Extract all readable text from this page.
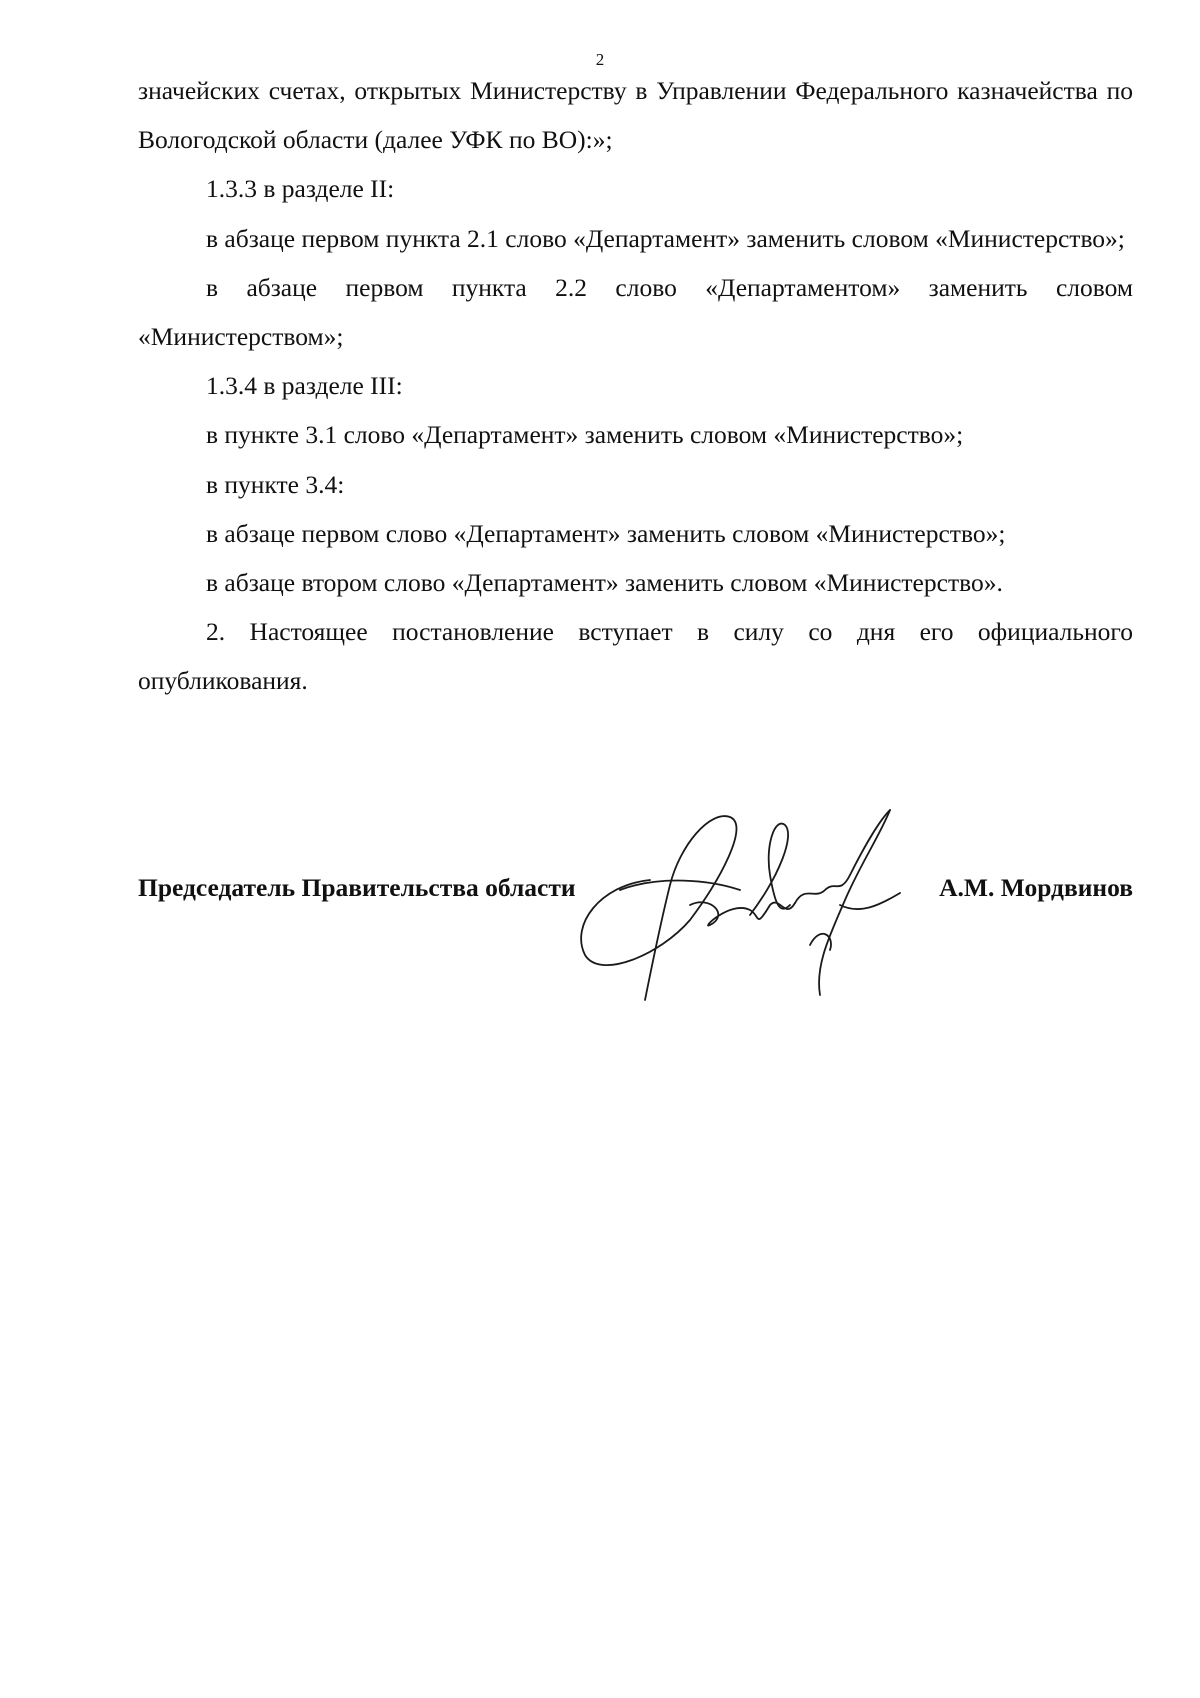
2

значейских счетах, открытых Министерству в Управлении Федерального казначейства по Вологодской области (далее УФК по ВО):»;

1.3.3 в разделе II:

в абзаце первом пункта 2.1 слово «Департамент» заменить словом «Министерство»;

в абзаце первом пункта 2.2 слово «Департаментом» заменить словом «Министерством»;

1.3.4 в разделе III:

в пункте 3.1 слово «Департамент» заменить словом «Министерство»;

в пункте 3.4:

в абзаце первом слово «Департамент» заменить словом «Министерство»;

в абзаце втором слово «Департамент» заменить словом «Министерство».

2. Настоящее постановление вступает в силу со дня его официального опубликования.

Председатель Правительства области	А.М. Мордвинов
